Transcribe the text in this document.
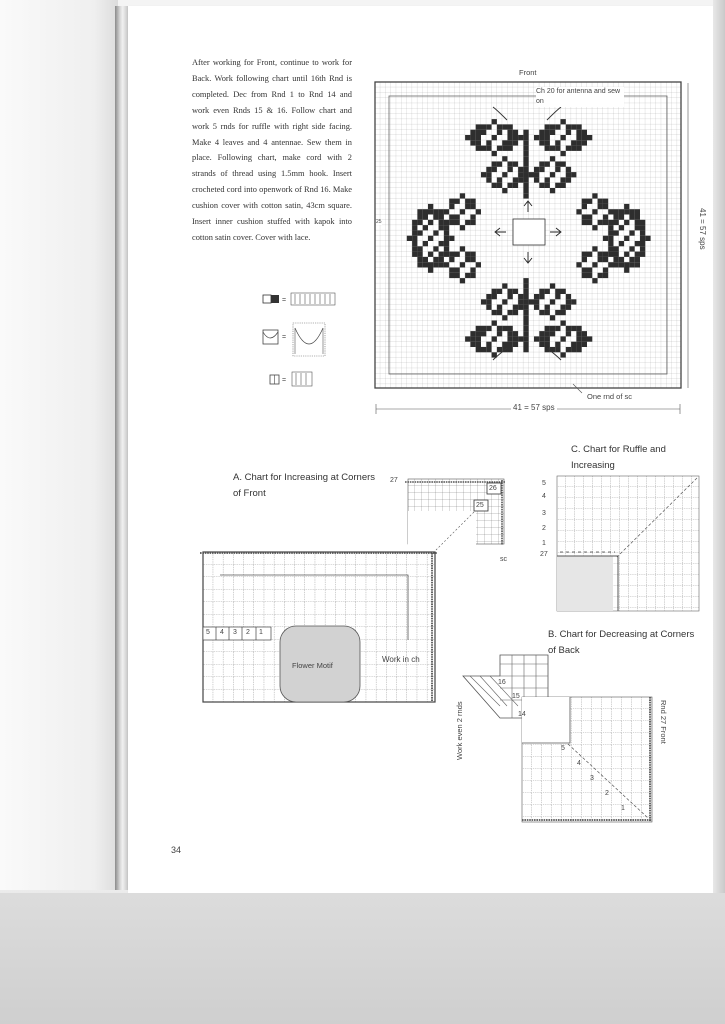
After working for Front, continue to work for Back. Work following chart until 16th Rnd is completed. Dec from Rnd 1 to Rnd 14 and work even Rnds 15 & 16. Follow chart and work 5 rnds for ruffle with right side facing. Make 4 leaves and 4 antennae. Sew them in place. Following chart, make cord with 2 strands of thread using 1.5mm hook. Insert crocheted cord into openwork of Rnd 16. Make cushion cover with cotton satin, 43cm square. Insert inner cushion stuffed with kapok into cotton satin cover. Cover with lace.

=
=
=
Front
Ch 20 for antenna and sew on
25	41 = 57 sps
41 = 57 sps
One rnd of sc
A. Chart for Increasing at Corners of Front
27
26
25
sc
Flower Motif
Work in ch
5 4 3 2 1
C. Chart for Ruffle and Increasing
5
4
3
2
1
27
B. Chart for Decreasing at Corners of Back
Work even 2 rnds	Rnd 27 Front
16
15
14
5
4
3
2
1
34
